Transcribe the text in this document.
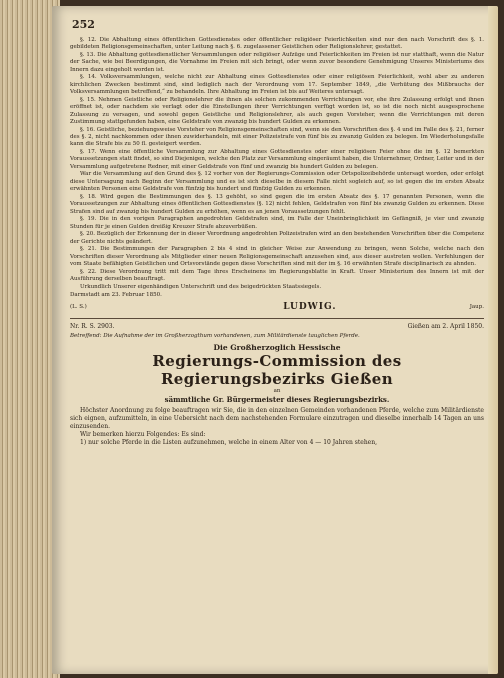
252

§. 12. Die Abhaltung eines öffentlichen Gottesdienstes oder öffentlicher religiöser Feierlichkeiten sind nur den nach Vorschrift des §. 1. gebildeten Religionsgemeinschaften, unter Leitung nach §. 6. zugelassener Geistlichen oder Religionslehrer, gestattet.

§. 13. Die Abhaltung gottesdienstlicher Versammlungen oder religiöser Aufzüge und Feierlichkeiten im Freien ist nur statthaft, wenn die Natur der Sache, wie bei Beerdigungen, die Vornahme im Freien mit sich bringt, oder wenn zuvor besondere Genehmigung Unseres Ministeriums des Innern dazu eingeholt worden ist.

§. 14. Volksversammlungen, welche nicht zur Abhaltung eines Gottesdienstes oder einer religiösen Feierlichkeit, wohl aber zu anderen kirchlichen Zwecken bestimmt sind, sind lediglich nach der Verordnung vom 17. September 1849, „die Verhütung des Mißbrauchs der Volksversammlungen betreffend,“ zu behandeln. Ihre Abhaltung im Freien ist bis auf Weiteres untersagt.

§. 15. Nehmen Geistliche oder Religionslehrer die ihnen als solchen zukommenden Verrichtungen vor, ehe ihre Zulassung erfolgt und ihnen eröffnet ist, oder nachdem sie verlagt oder die Einstellungen ihrer Verrichtungen verfügt worden ist, so ist die noch nicht ausgesprochene Zulassung zu versagen, und sowohl gegen Geistliche und Religionslehrer, als auch gegen Vorsteher, wenn die Verrichtungen mit deren Zustimmung stattgefunden haben, eine Geldstrafe von zwanzig bis hundert Gulden zu erkennen.

§. 16. Geistliche, beziehungsweise Vorsteher von Religionsgemeinschaften sind, wenn sie den Vorschriften des §. 4 und im Falle des §. 21, ferner des §. 2, nicht nachkommen oder ihnen zuwiderhandeln, mit einer Polizeistrafe von fünf bis zu zwanzig Gulden zu belegen. Im Wiederholungsfalle kann die Strafe bis zu 50 fl. gesteigert werden.

§. 17. Wenn eine öffentliche Versammlung zur Abhaltung eines Gottesdienstes oder einer religiösen Feier ohne die im §. 12 bemerkten Voraussetzungen statt findet, so sind Diejenigen, welche den Platz zur Versammlung eingeräumt haben, die Unternehmer, Ordner, Leiter und in der Versammlung aufgetretene Redner, mit einer Geldstrafe von fünf und zwanzig bis hundert Gulden zu belegen.

War die Versammlung auf den Grund des §. 12 vorher von der Regierungs-Commission oder Ortspolizeibehörde untersagt worden, oder erfolgt diese Untersagung nach Beginn der Versammlung und es ist sich dieselbe in diesem Falle nicht sogleich auf, so ist gegen die im ersten Absatz erwähnten Personen eine Geldstrafe von fünfzig bis hundert und fünfzig Gulden zu erkennen.

§. 18. Wird gegen die Bestimmungen des §. 13 gehöht, so sind gegen die im ersten Absatz des §. 17 genannten Personen, wenn die Voraussetzungen zur Abhaltung eines öffentlichen Gottesdienstes (§. 12) nicht fehlen, Geldstrafen von fünf bis zwanzig Gulden zu erkennen. Diese Strafen sind auf zwanzig bis hundert Gulden zu erhöhen, wenn es an jenen Voraussetzungen fehlt.

§. 19. Die in den vorigen Paragraphen angedrohten Geldstrafen sind, im Falle der Uneinbringlichkeit im Gefängniß, je vier und zwanzig Stunden für je einen Gulden dreißig Kreuzer Strafe abzuverbüßen.

§. 20. Bezüglich der Erkennung der in dieser Verordnung angedrohten Polizeistrafen wird an den bestehenden Vorschriften über die Competenz der Gerichte nichts geändert.

§. 21. Die Bestimmungen der Paragraphen 2 bis 4 sind in gleicher Weise zur Anwendung zu bringen, wenn Solche, welche nach den Vorschriften dieser Verordnung als Mitglieder einer neuen Religionsgemeinschaft anzusehen sind, aus dieser austreten wollen. Verfehlungen der vom Staate befähigten Geistlichen und Ortsvorstände gegen diese Vorschriften sind mit der im §. 16 erwähnten Strafe disciplinarisch zu ahnden.

§. 22. Diese Verordnung tritt mit dem Tage ihres Erscheinens im Regierungsblatte in Kraft. Unser Ministerium des Innern ist mit der Ausführung derselben beauftragt.

Urkundlich Unserer eigenhändigen Unterschrift und des beigedrückten Staatssiegels.

Darmstadt am 23. Februar 1850.
(L. S.)	LUDWIG.	Jaup.
Nr. R. S. 2903.	Gießen am 2. April 1850.
Betreffend: Die Aufnahme der im Großherzogthum vorhandenen, zum Militärdienste tauglichen Pferde.
Die Großherzoglich Hessische
Regierungs-Commission des Regierungsbezirks Gießen
an
sämmtliche Gr. Bürgermeister dieses Regierungsbezirks.

Höchster Anordnung zu folge beauftragen wir Sie, die in den einzelnen Gemeinden vorhandenen Pferde, welche zum Militärdienste sich eignen, aufzumitteln, in eine Uebersicht nach dem nachstehenden Formulare einzutragen und dieselbe innerhalb 14 Tagen an uns einzusenden.

Wir bemerken hierzu Folgendes: Es sind:

1) nur solche Pferde in die Listen aufzunehmen, welche in einem Alter von 4 — 10 Jahren stehen,
